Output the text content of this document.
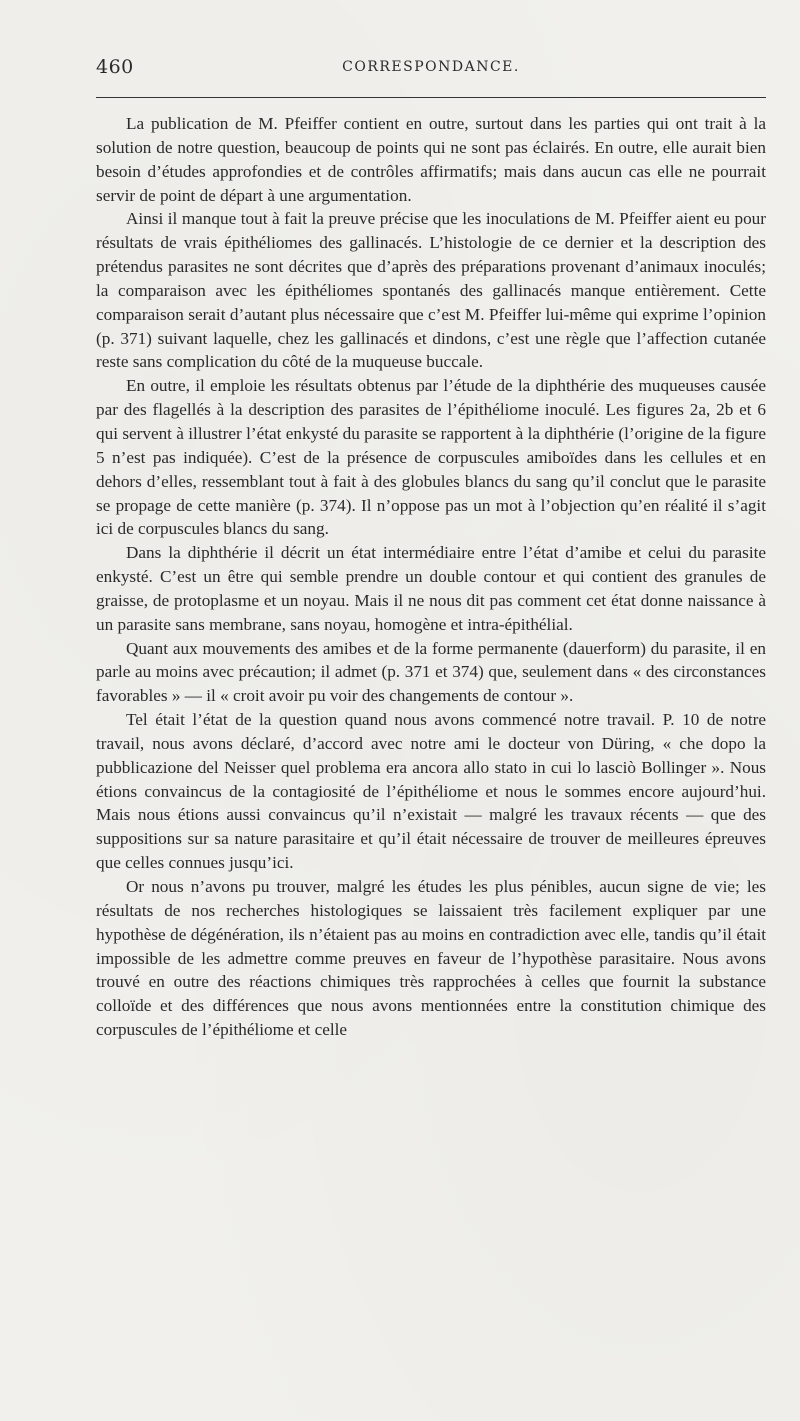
460	CORRESPONDANCE.

La publication de M. Pfeiffer contient en outre, surtout dans les parties qui ont trait à la solution de notre question, beaucoup de points qui ne sont pas éclairés. En outre, elle aurait bien besoin d’études approfondies et de contrôles affirmatifs; mais dans aucun cas elle ne pourrait servir de point de départ à une argumentation.

Ainsi il manque tout à fait la preuve précise que les inoculations de M. Pfeiffer aient eu pour résultats de vrais épithéliomes des gallinacés. L’histologie de ce dernier et la description des prétendus parasites ne sont décrites que d’après des préparations provenant d’animaux inoculés; la comparaison avec les épithéliomes spontanés des gallinacés manque entièrement. Cette comparaison serait d’autant plus nécessaire que c’est M. Pfeiffer lui-même qui exprime l’opinion (p. 371) suivant laquelle, chez les gallinacés et dindons, c’est une règle que l’affection cutanée reste sans complication du côté de la muqueuse buccale.

En outre, il emploie les résultats obtenus par l’étude de la diphthérie des muqueuses causée par des flagellés à la description des parasites de l’épithéliome inoculé. Les figures 2a, 2b et 6 qui servent à illustrer l’état enkysté du parasite se rapportent à la diphthérie (l’origine de la figure 5 n’est pas indiquée). C’est de la présence de corpuscules amiboïdes dans les cellules et en dehors d’elles, ressemblant tout à fait à des globules blancs du sang qu’il conclut que le parasite se propage de cette manière (p. 374). Il n’oppose pas un mot à l’objection qu’en réalité il s’agit ici de corpuscules blancs du sang.

Dans la diphthérie il décrit un état intermédiaire entre l’état d’amibe et celui du parasite enkysté. C’est un être qui semble prendre un double contour et qui contient des granules de graisse, de protoplasme et un noyau. Mais il ne nous dit pas comment cet état donne naissance à un parasite sans membrane, sans noyau, homogène et intra-épithélial.

Quant aux mouvements des amibes et de la forme permanente (dauerform) du parasite, il en parle au moins avec précaution; il admet (p. 371 et 374) que, seulement dans « des circonstances favorables » — il « croit avoir pu voir des changements de contour ».

Tel était l’état de la question quand nous avons commencé notre travail. P. 10 de notre travail, nous avons déclaré, d’accord avec notre ami le docteur von Düring, « che dopo la pubblicazione del Neisser quel problema era ancora allo stato in cui lo lasciò Bollinger ». Nous étions convaincus de la contagiosité de l’épithéliome et nous le sommes encore aujourd’hui. Mais nous étions aussi convaincus qu’il n’existait — malgré les travaux récents — que des suppositions sur sa nature parasitaire et qu’il était nécessaire de trouver de meilleures épreuves que celles connues jusqu’ici.

Or nous n’avons pu trouver, malgré les études les plus pénibles, aucun signe de vie; les résultats de nos recherches histologiques se laissaient très facilement expliquer par une hypothèse de dégénération, ils n’étaient pas au moins en contradiction avec elle, tandis qu’il était impossible de les admettre comme preuves en faveur de l’hypothèse parasitaire. Nous avons trouvé en outre des réactions chimiques très rapprochées à celles que fournit la substance colloïde et des différences que nous avons mentionnées entre la constitution chimique des corpuscules de l’épithéliome et celle
